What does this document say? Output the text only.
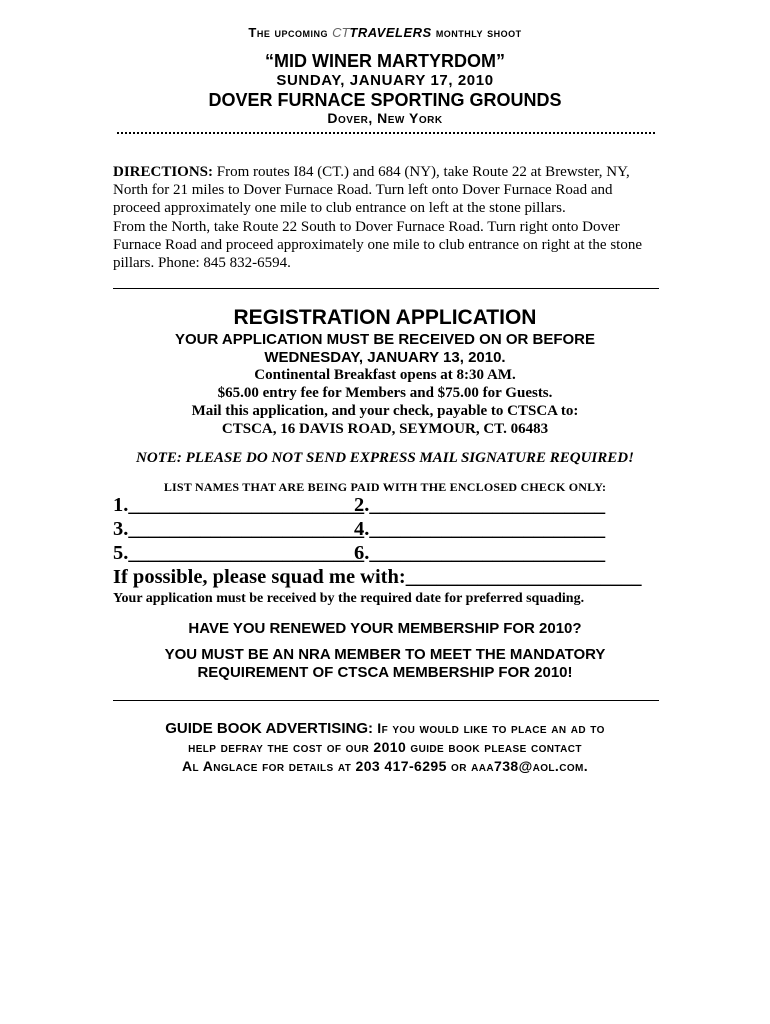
The upcoming CTTRAVELERS monthly shoot
“MID WINER MARTYRDOM”
SUNDAY, JANUARY 17, 2010
DOVER FURNACE SPORTING GROUNDS
Dover, New York
DIRECTIONS: From routes I84 (CT.) and 684 (NY), take Route 22 at Brewster, NY, North for 21 miles to Dover Furnace Road. Turn left onto Dover Furnace Road and proceed approximately one mile to club entrance on left at the stone pillars.
From the North, take Route 22 South to Dover Furnace Road. Turn right onto Dover Furnace Road and proceed approximately one mile to club entrance on right at the stone pillars. Phone: 845 832-6594.
REGISTRATION APPLICATION
YOUR APPLICATION MUST BE RECEIVED ON OR BEFORE
WEDNESDAY, JANUARY 13, 2010.
Continental Breakfast opens at 8:30 AM.
$65.00 entry fee for Members and $75.00 for Guests.
Mail this application, and your check, payable to CTSCA to:
CTSCA, 16 DAVIS ROAD, SEYMOUR, CT. 06483
NOTE: PLEASE DO NOT SEND EXPRESS MAIL SIGNATURE REQUIRED!
LIST NAMES THAT ARE BEING PAID WITH THE ENCLOSED CHECK ONLY:
1._______________________
2._______________________
3._______________________
4._______________________
5._______________________
6._______________________
If possible, please squad me with:_______________________
Your application must be received by the required date for preferred squading.
HAVE YOU RENEWED YOUR MEMBERSHIP FOR 2010?
YOU MUST BE AN NRA MEMBER TO MEET THE MANDATORY
REQUIREMENT OF CTSCA MEMBERSHIP FOR 2010!
GUIDE BOOK ADVERTISING: If you would like to place an ad to
help defray the cost of our 2010 guide book please contact
Al Anglace for details at 203 417-6295 or aaa738@aol.com.
